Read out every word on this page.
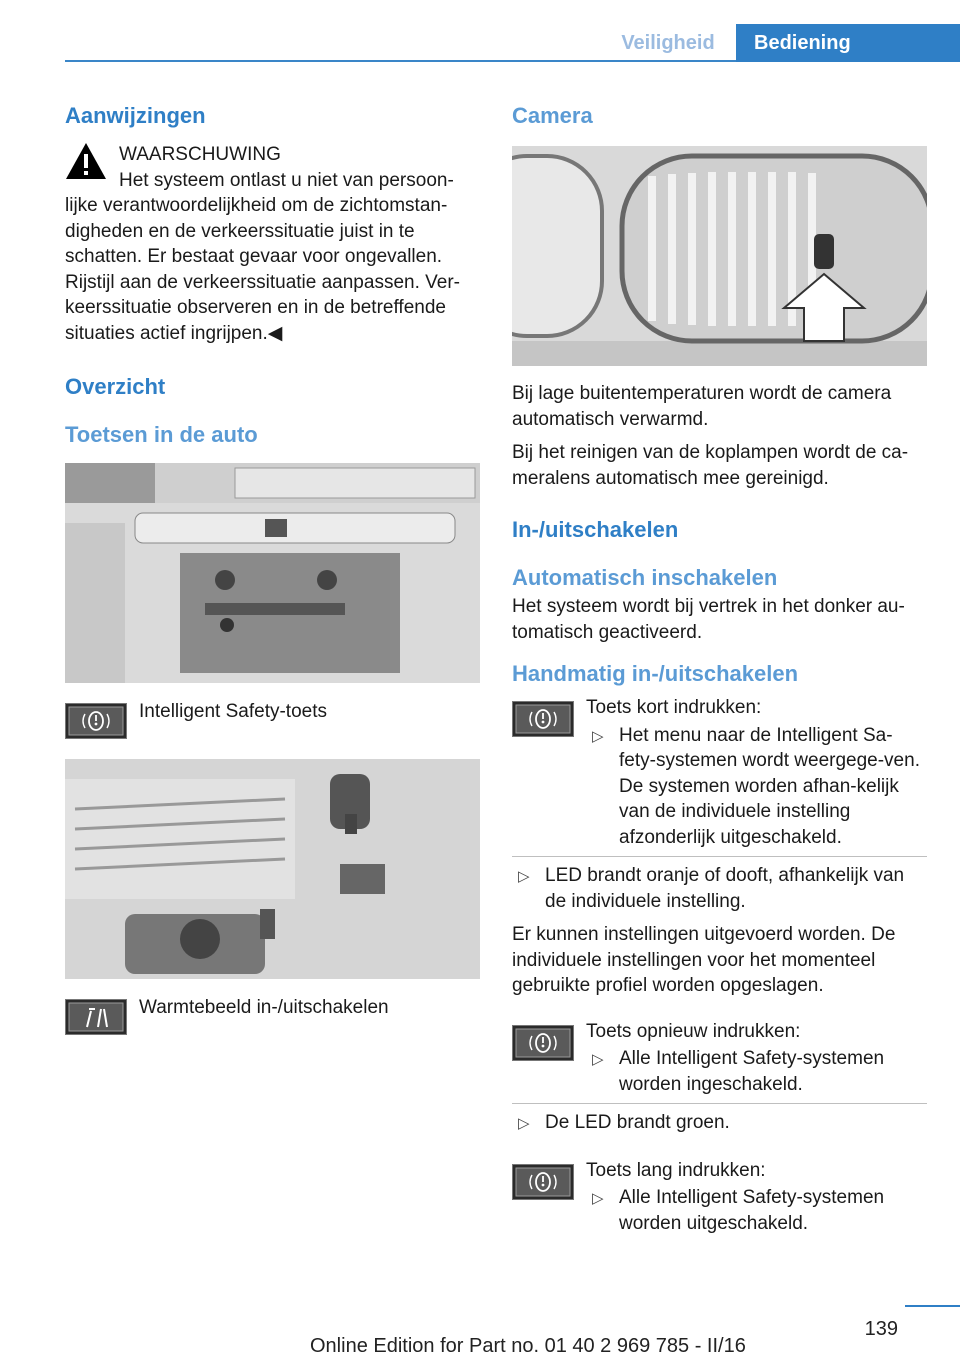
Veiligheid	Bediening
Aanwijzingen

WAARSCHUWING

Het systeem ontlast u niet van persoon-

lijke verantwoordelijkheid om de zichtomstan-digheden en de verkeerssituatie juist in te schatten. Er bestaat gevaar voor ongevallen. Rijstijl aan de verkeerssituatie aanpassen. Ver-keerssituatie observeren en in de betreffende situaties actief ingrijpen.◀

Overzicht
Toetsen in de auto

Intelligent Safety-toets

Warmtebeeld in-/uitschakelen

Camera

Bij lage buitentemperaturen wordt de camera automatisch verwarmd.

Bij het reinigen van de koplampen wordt de ca-meralens automatisch mee gereinigd.

In-/uitschakelen
Automatisch inschakelen

Het systeem wordt bij vertrek in het donker au-tomatisch geactiveerd.

Handmatig in-/uitschakelen

Toets kort indrukken:

▷ Het menu naar de Intelligent Sa-fety-systemen wordt weergege-ven. De systemen worden afhan-kelijk van de individuele instelling afzonderlijk uitgeschakeld.
▷ LED brandt oranje of dooft, afhankelijk van de individuele instelling.

Er kunnen instellingen uitgevoerd worden. De individuele instellingen voor het momenteel gebruikte profiel worden opgeslagen.

Toets opnieuw indrukken:

▷ Alle Intelligent Safety-systemen worden ingeschakeld.
▷ De LED brandt groen.

Toets lang indrukken:

▷ Alle Intelligent Safety-systemen worden uitgeschakeld.
139
Online Edition for Part no. 01 40 2 969 785 - II/16
